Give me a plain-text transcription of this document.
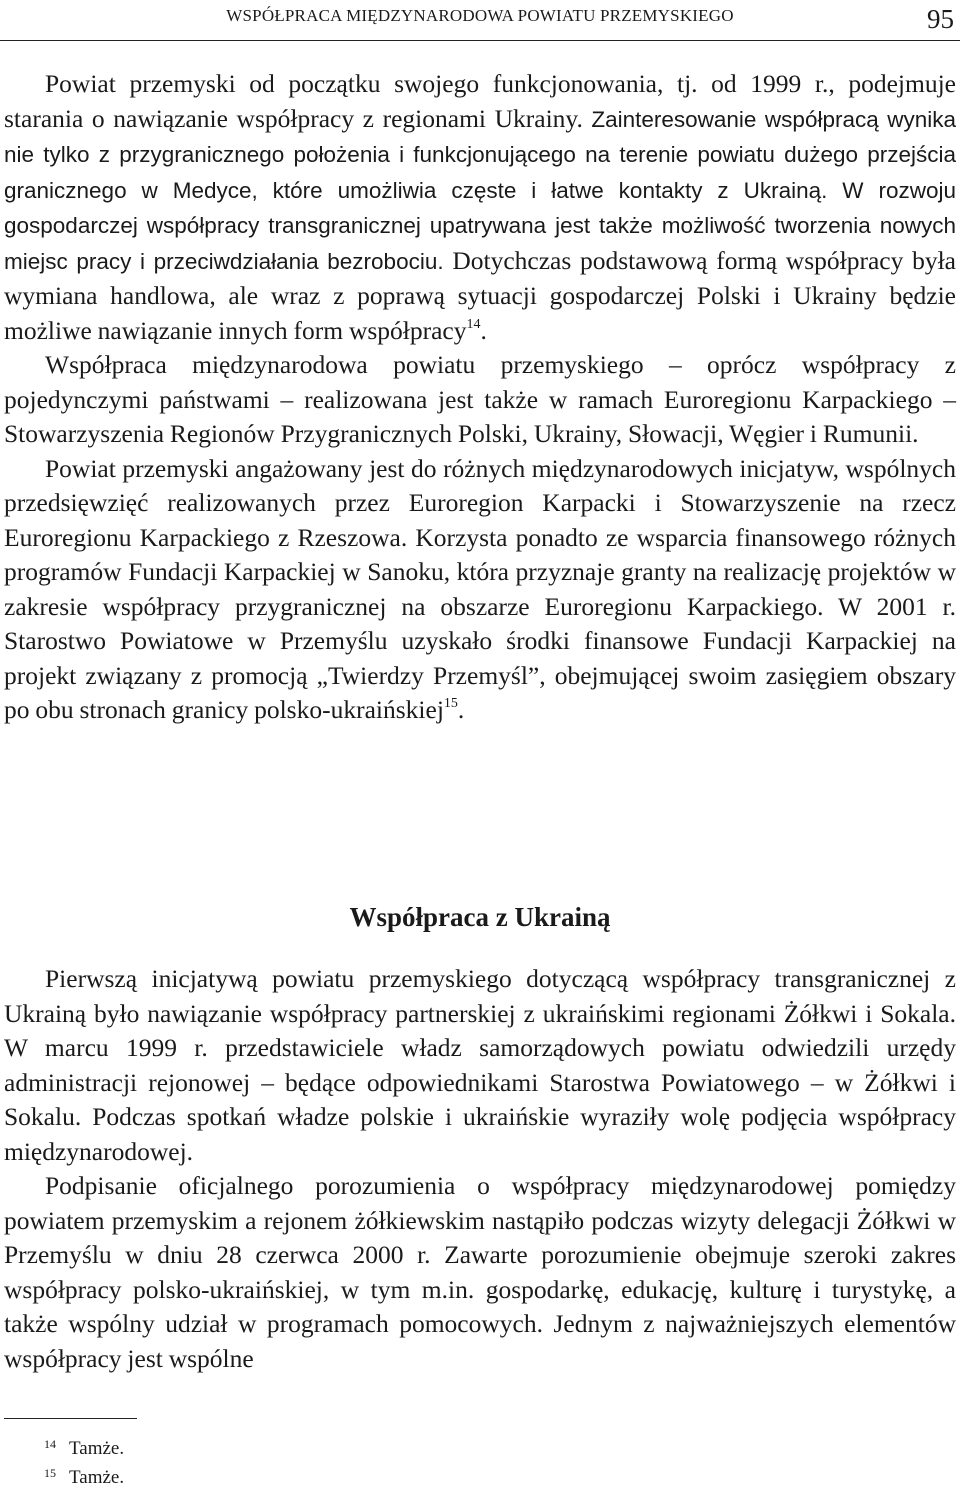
WSPÓŁPRACA MIĘDZYNARODOWA POWIATU PRZEMYSKIEGO	95

Powiat przemyski od początku swojego funkcjonowania, tj. od 1999 r., podejmuje starania o nawiązanie współpracy z regionami Ukrainy. Zainteresowanie współpracą wynika nie tylko z przygranicznego położenia i funkcjonującego na terenie powiatu dużego przejścia granicznego w Medyce, które umożliwia częste i łatwe kontakty z Ukrainą. W rozwoju gospodarczej współpracy transgranicznej upatrywana jest także możliwość tworzenia nowych miejsc pracy i przeciwdziałania bezrobociu. Dotychczas podstawową formą współpracy była wymiana handlowa, ale wraz z poprawą sytuacji gospodarczej Polski i Ukrainy będzie możliwe nawiązanie innych form współpracy$^{14}$.

Współpraca międzynarodowa powiatu przemyskiego – oprócz współpracy z pojedynczymi państwami – realizowana jest także w ramach Euroregionu Karpackiego – Stowarzyszenia Regionów Przygranicznych Polski, Ukrainy, Słowacji, Węgier i Rumunii.

Powiat przemyski angażowany jest do różnych międzynarodowych inicjatyw, wspólnych przedsięwzięć realizowanych przez Euroregion Karpacki i Stowarzyszenie na rzecz Euroregionu Karpackiego z Rzeszowa. Korzysta ponadto ze wsparcia finansowego różnych programów Fundacji Karpackiej w Sanoku, która przyznaje granty na realizację projektów w zakresie współpracy przygranicznej na obszarze Euroregionu Karpackiego. W 2001 r. Starostwo Powiatowe w Przemyślu uzyskało środki finansowe Fundacji Karpackiej na projekt związany z promocją „Twierdzy Przemyśl”, obejmującej swoim zasięgiem obszary po obu stronach granicy polsko-ukraińskiej$^{15}$.

Współpraca z Ukrainą

Pierwszą inicjatywą powiatu przemyskiego dotyczącą współpracy transgranicznej z Ukrainą było nawiązanie współpracy partnerskiej z ukraińskimi regionami Żółkwi i Sokala. W marcu 1999 r. przedstawiciele władz samorządowych powiatu odwiedzili urzędy administracji rejonowej – będące odpowiednikami Starostwa Powiatowego – w Żółkwi i Sokalu. Podczas spotkań władze polskie i ukraińskie wyraziły wolę podjęcia współpracy międzynarodowej.

Podpisanie oficjalnego porozumienia o współpracy międzynarodowej pomiędzy powiatem przemyskim a rejonem żółkiewskim nastąpiło podczas wizyty delegacji Żółkwi w Przemyślu w dniu 28 czerwca 2000 r. Zawarte porozumienie obejmuje szeroki zakres współpracy polsko-ukraińskiej, w tym m.in. gospodarkę, edukację, kulturę i turystykę, a także wspólny udział w programach pomocowych. Jednym z najważniejszych elementów współpracy jest wspólne

14 Tamże.
15 Tamże.
